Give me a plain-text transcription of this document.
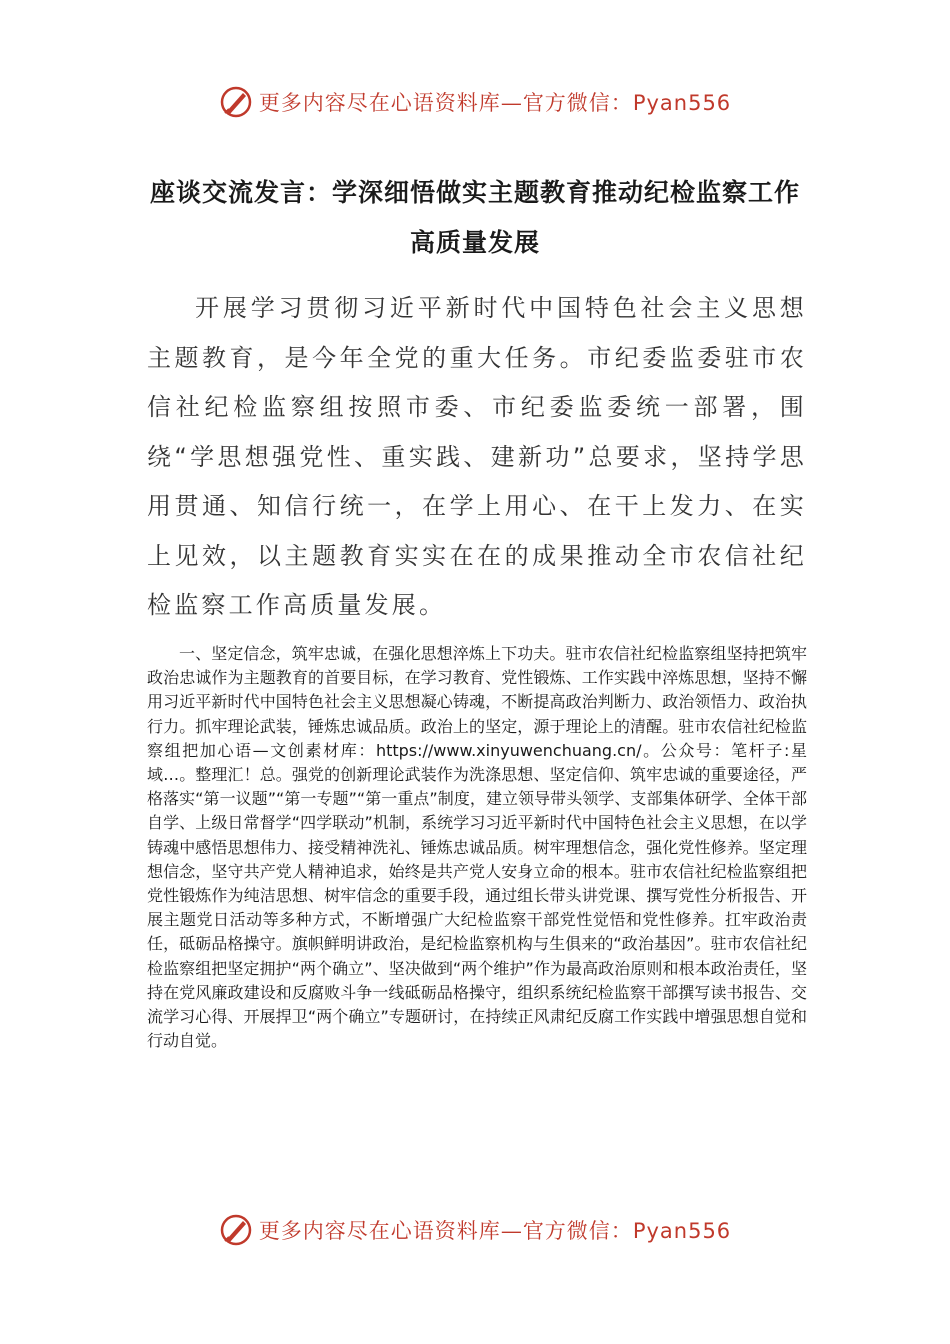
更多内容尽在心语资料库—官方微信：Pyan556
座谈交流发言：学深细悟做实主题教育推动纪检监察工作高质量发展
开展学习贯彻习近平新时代中国特色社会主义思想主题教育，是今年全党的重大任务。市纪委监委驻市农信社纪检监察组按照市委、市纪委监委统一部署，围绕“学思想强党性、重实践、建新功”总要求，坚持学思用贯通、知信行统一，在学上用心、在干上发力、在实上见效，以主题教育实实在在的成果推动全市农信社纪检监察工作高质量发展。
一、坚定信念，筑牢忠诚，在强化思想淬炼上下功夫。驻市农信社纪检监察组坚持把筑牢政治忠诚作为主题教育的首要目标，在学习教育、党性锻炼、工作实践中淬炼思想，坚持不懈用习近平新时代中国特色社会主义思想凝心铸魂，不断提高政治判断力、政治领悟力、政治执行力。抓牢理论武装，锤炼忠诚品质。政治上的坚定，源于理论上的清醒。驻市农信社纪检监察组把加心语—文创素材库：https://www.xinyuwenchuang.cn/。公众号：笔杆子:星域…。整理汇！总。强党的创新理论武装作为洗涤思想、坚定信仰、筑牢忠诚的重要途径，严格落实“第一议题”“第一专题”“第一重点”制度，建立领导带头领学、支部集体研学、全体干部自学、上级日常督学“四学联动”机制，系统学习习近平新时代中国特色社会主义思想，在以学铸魂中感悟思想伟力、接受精神洗礼、锤炼忠诚品质。树牢理想信念，强化党性修养。坚定理想信念，坚守共产党人精神追求，始终是共产党人安身立命的根本。驻市农信社纪检监察组把党性锻炼作为纯洁思想、树牢信念的重要手段，通过组长带头讲党课、撰写党性分析报告、开展主题党日活动等多种方式，不断增强广大纪检监察干部党性觉悟和党性修养。扛牢政治责任，砥砺品格操守。旗帜鲜明讲政治，是纪检监察机构与生俱来的“政治基因”。驻市农信社纪检监察组把坚定拥护“两个确立”、坚决做到“两个维护”作为最高政治原则和根本政治责任，坚持在党风廉政建设和反腐败斗争一线砥砺品格操守，组织系统纪检监察干部撰写读书报告、交流学习心得、开展捍卫“两个确立”专题研讨，在持续正风肃纪反腐工作实践中增强思想自觉和行动自觉。
更多内容尽在心语资料库—官方微信：Pyan556
